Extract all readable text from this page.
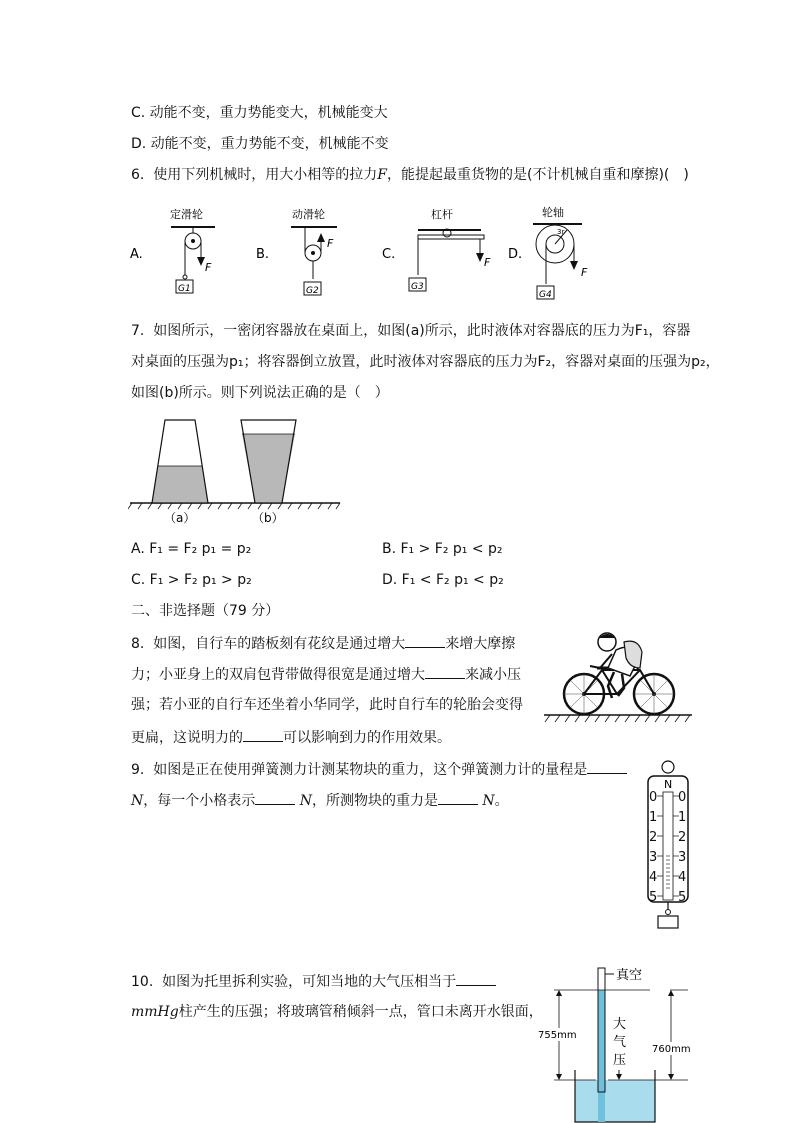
C. 动能不变，重力势能变大，机械能变大
D. 动能不变，重力势能不变，机械能不变
6. 使用下列机械时，用大小相等的拉力F，能提起最重货物的是(不计机械自重和摩擦)(　)
A.	B.	C.	D.
定滑轮
F
G1
动滑轮
F
G2
杠杆
F
G3
轮轴
3r
F
G4
7. 如图所示，一密闭容器放在桌面上，如图(a)所示，此时液体对容器底的压力为F₁，容器
对桌面的压强为p₁；将容器倒立放置，此时液体对容器底的压力为F₂，容器对桌面的压强为p₂，
如图(b)所示。则下列说法正确的是（　）
（a）	（b）
A. F₁ = F₂ p₁ = p₂	B. F₁ > F₂ p₁ < p₂
C. F₁ > F₂ p₁ > p₂	D. F₁ < F₂ p₁ < p₂
二、非选择题（79 分）
8. 如图，自行车的踏板刻有花纹是通过增大	来增大摩擦
力；小亚身上的双肩包背带做得很宽是通过增大	来减小压
强；若小亚的自行车还坐着小华同学，此时自行车的轮胎会变得
更扁，这说明力的	可以影响到力的作用效果。
9. 如图是正在使用弹簧测力计测某物块的重力，这个弹簧测力计的量程是
N，每一个小格表示	N，所测物块的重力是	N。
N
0 0
1 1
2 2
3 3
4 4
5 5
10. 如图为托里拆利实验，可知当地的大气压相当于
mmHg柱产生的压强；将玻璃管稍倾斜一点，管口未离开水银面，
真空
755mm
760mm
大
气
压
